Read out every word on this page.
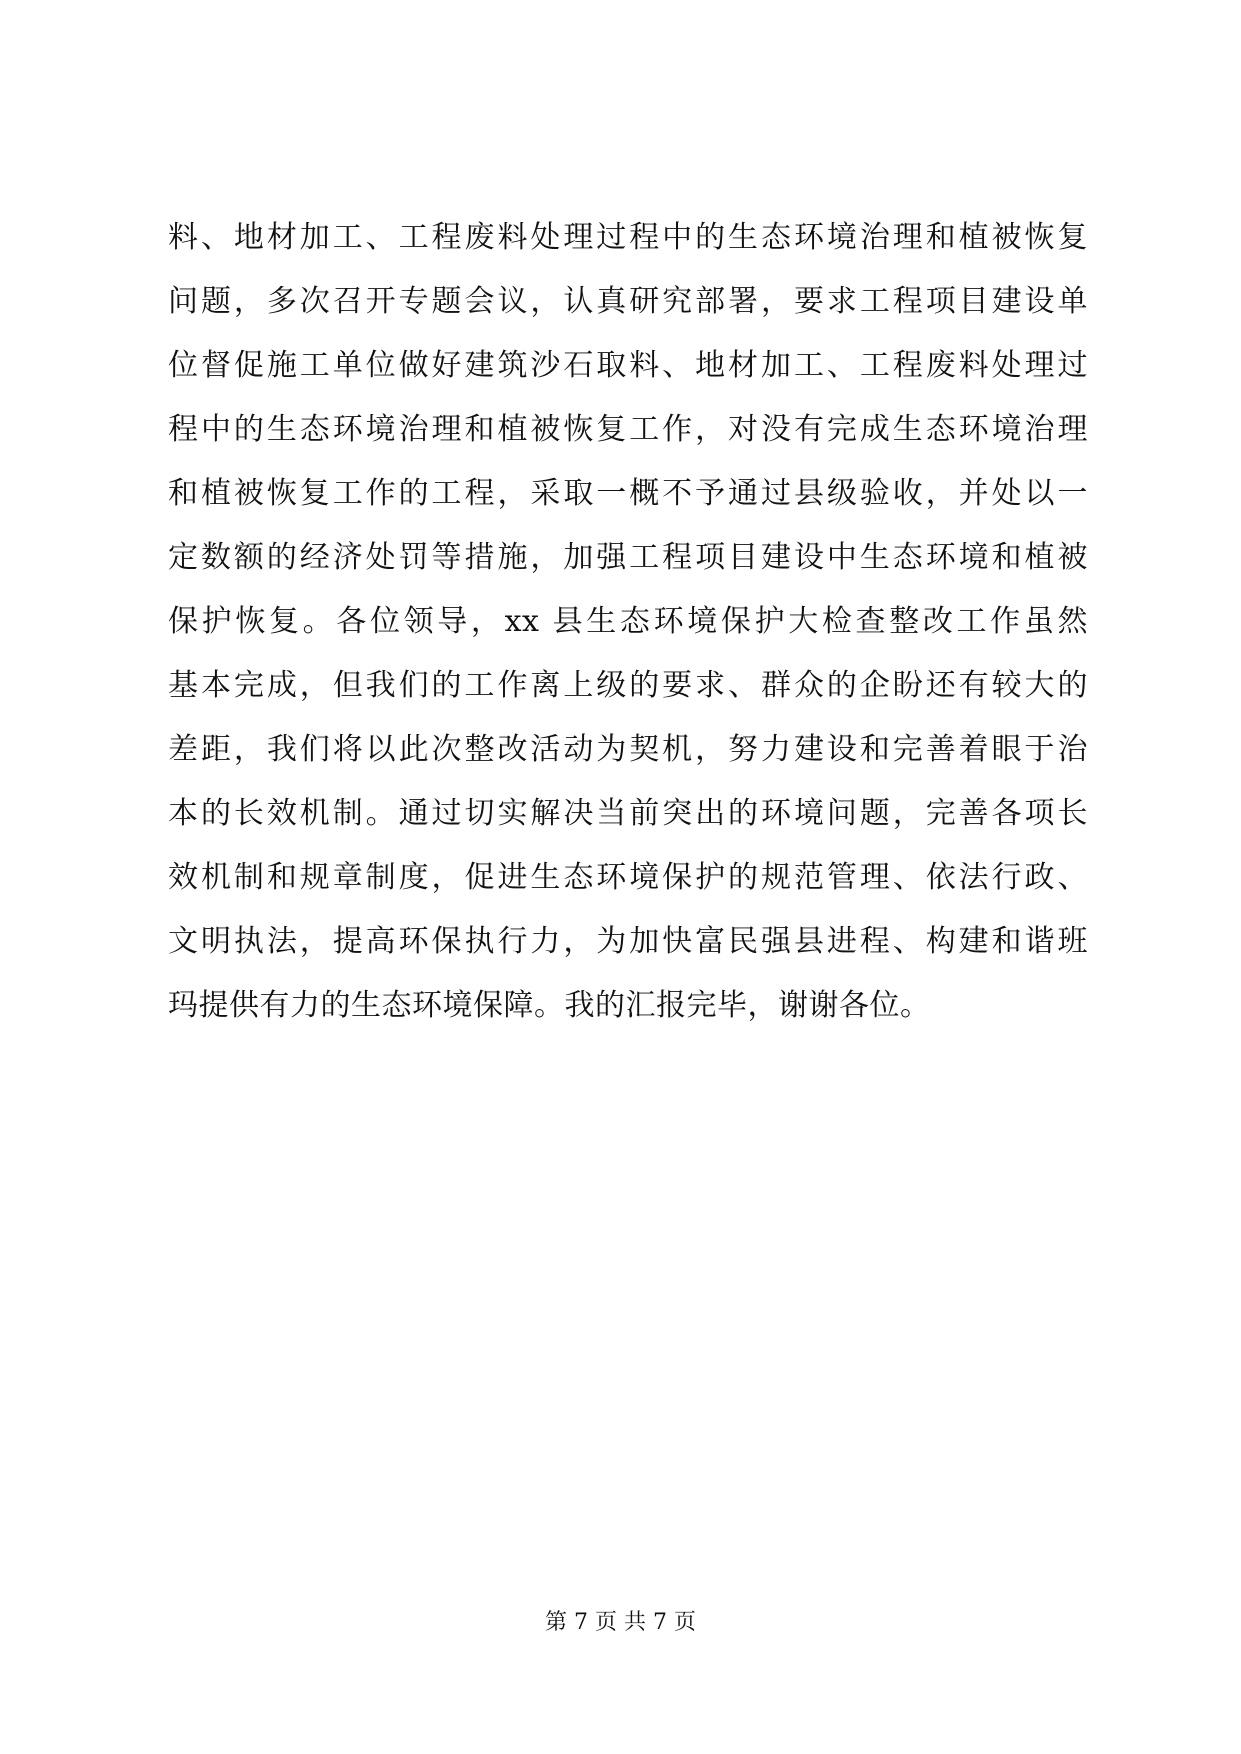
料、地材加工、工程废料处理过程中的生态环境治理和植被恢复
问题，多次召开专题会议，认真研究部署，要求工程项目建设单
位督促施工单位做好建筑沙石取料、地材加工、工程废料处理过
程中的生态环境治理和植被恢复工作，对没有完成生态环境治理
和植被恢复工作的工程，采取一概不予通过县级验收，并处以一
定数额的经济处罚等措施，加强工程项目建设中生态环境和植被
保护恢复。各位领导，xx 县生态环境保护大检查整改工作虽然
基本完成，但我们的工作离上级的要求、群众的企盼还有较大的
差距，我们将以此次整改活动为契机，努力建设和完善着眼于治
本的长效机制。通过切实解决当前突出的环境问题，完善各项长
效机制和规章制度，促进生态环境保护的规范管理、依法行政、
文明执法，提高环保执行力，为加快富民强县进程、构建和谐班
玛提供有力的生态环境保障。我的汇报完毕，谢谢各位。
第 7 页 共 7 页
